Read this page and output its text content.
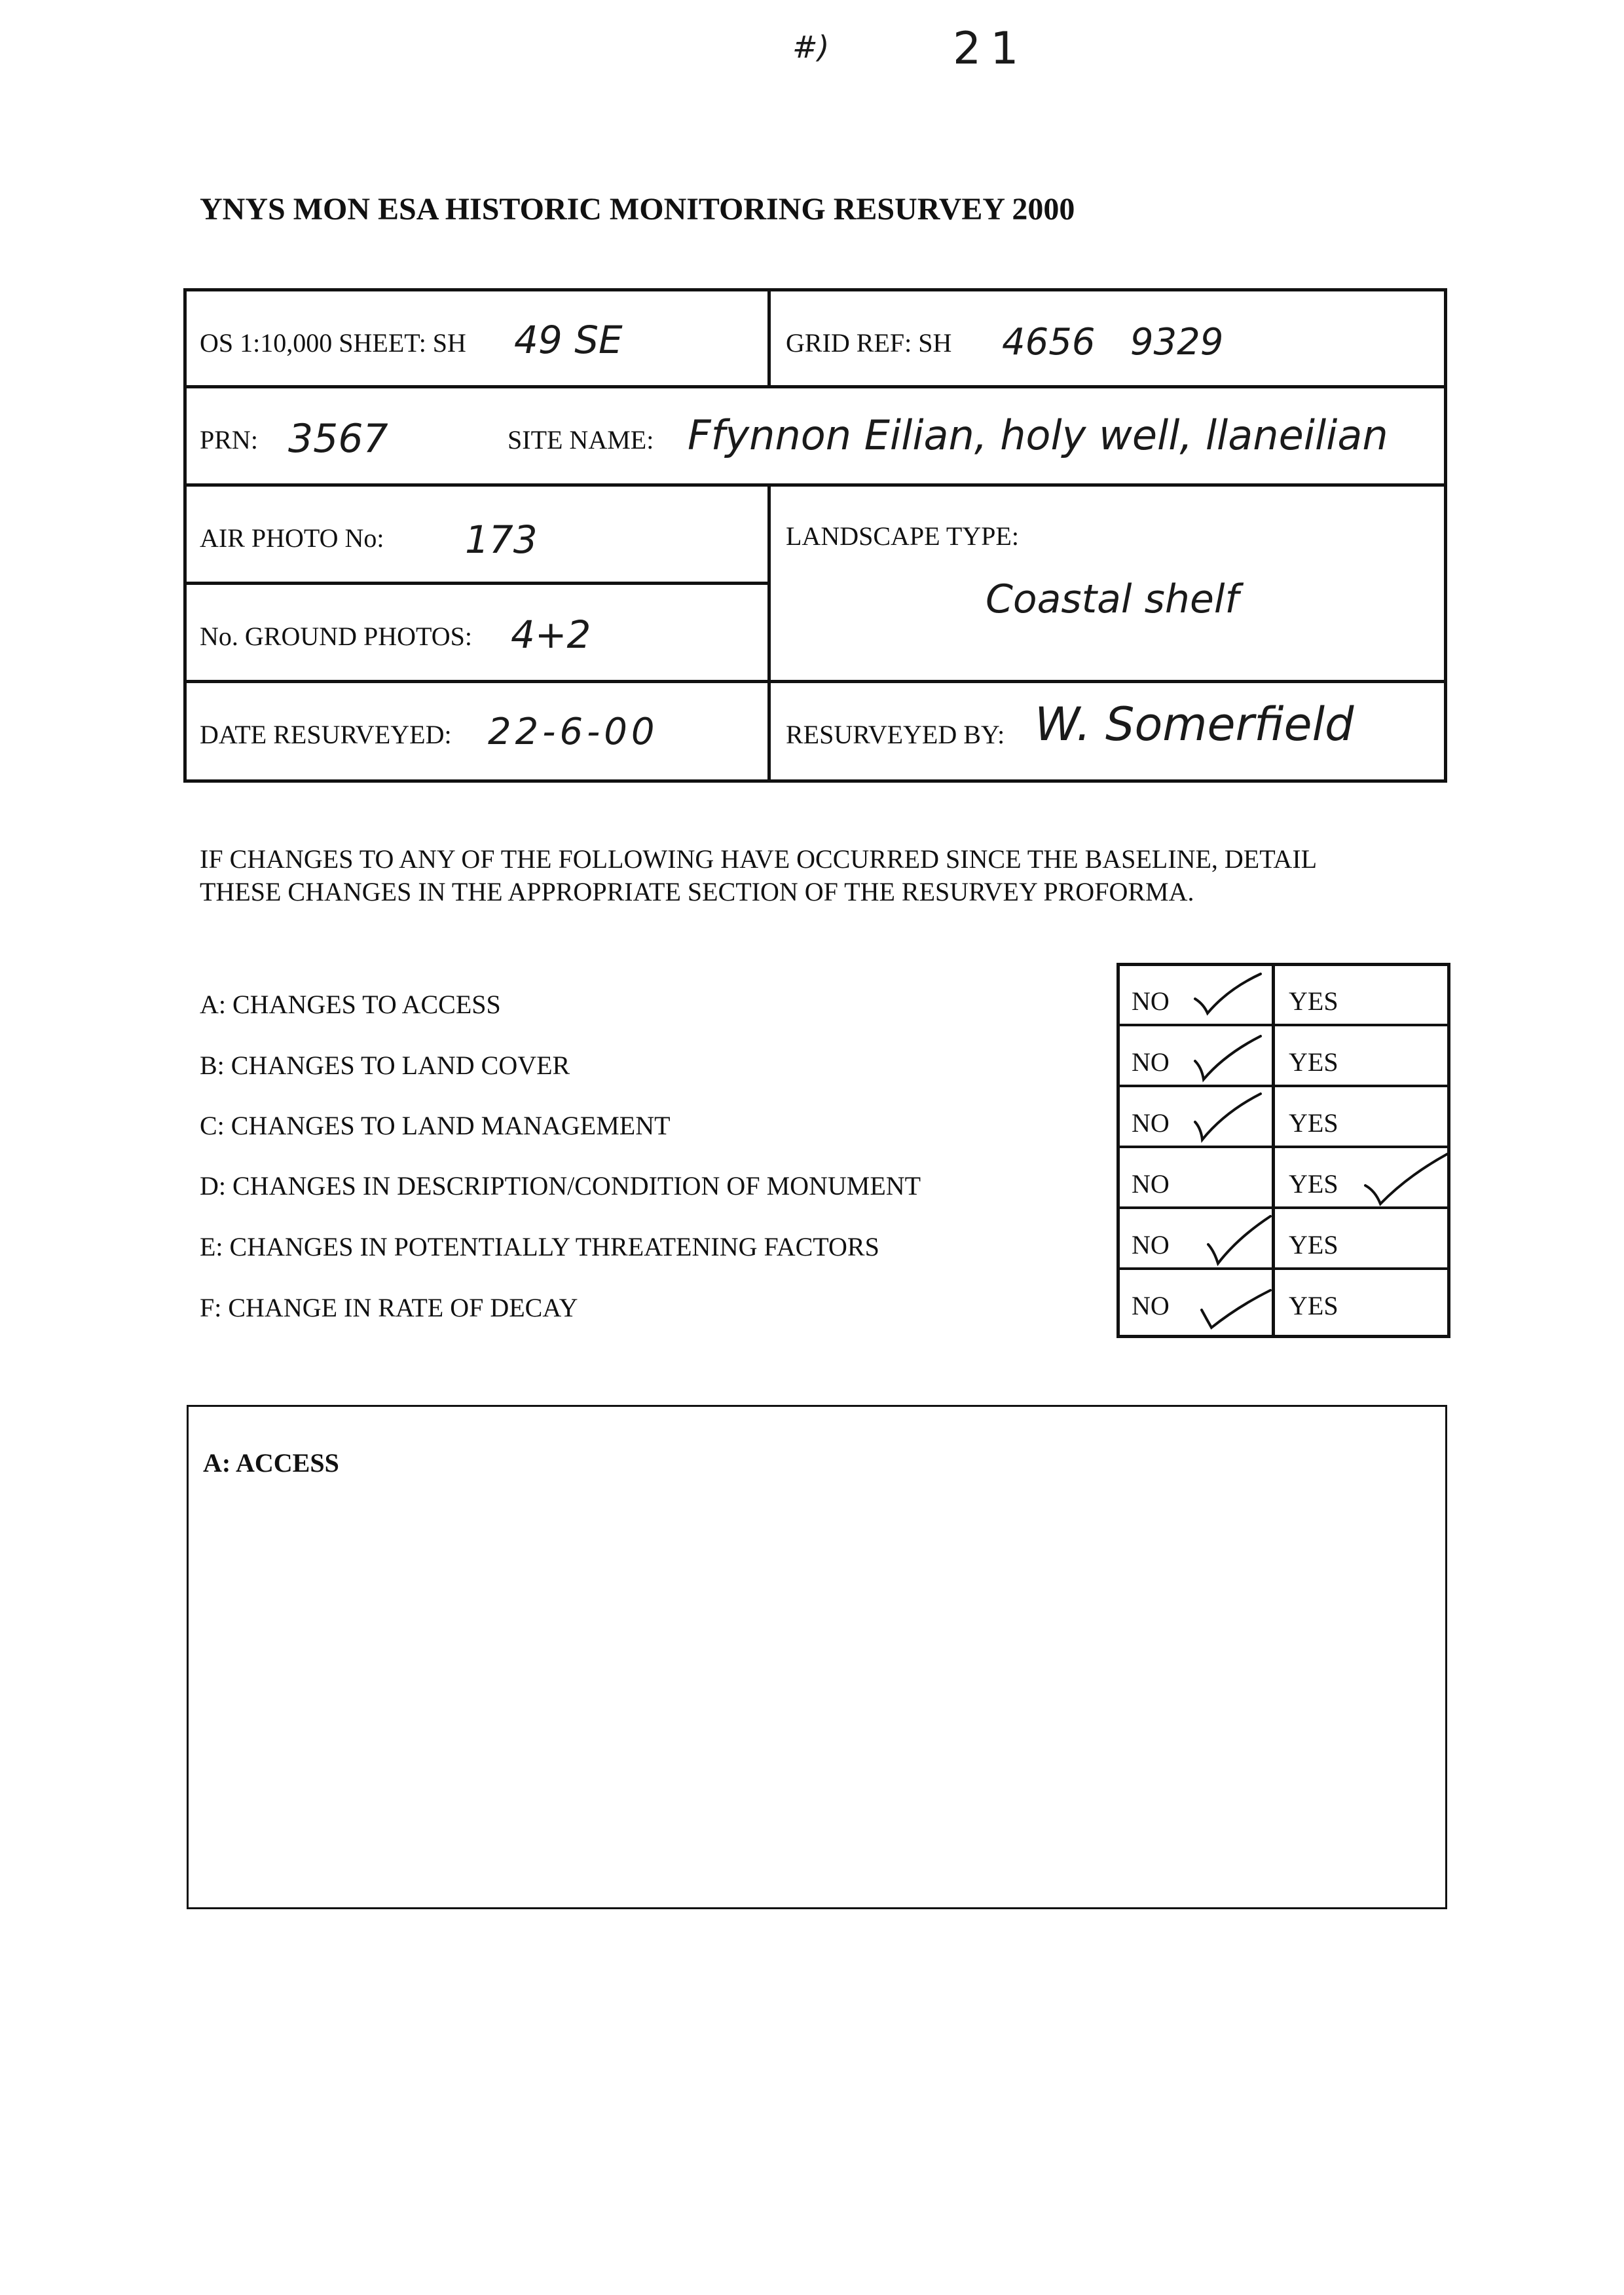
#)	21
YNYS MON ESA HISTORIC MONITORING RESURVEY 2000
OS 1:10,000 SHEET: SH 49 SE	GRID REF: SH 4656   9329
PRN: 3567	SITE NAME: Ffynnon Eilian, holy well, llaneilian
AIR PHOTO No: 173
No. GROUND PHOTOS: 4+2
LANDSCAPE TYPE:
Coastal shelf
DATE RESURVEYED: 22-6-00	RESURVEYED BY: W. Somerfield
IF CHANGES TO ANY OF THE FOLLOWING HAVE OCCURRED SINCE THE BASELINE, DETAIL
THESE CHANGES IN THE APPROPRIATE SECTION OF THE RESURVEY PROFORMA.
A: CHANGES TO ACCESS
B: CHANGES TO LAND COVER
C: CHANGES TO LAND MANAGEMENT
D: CHANGES IN DESCRIPTION/CONDITION OF MONUMENT
E: CHANGES IN POTENTIALLY THREATENING FACTORS
F: CHANGE IN RATE OF DECAY
NO	YES
NO	YES
NO	YES
NO	YES
NO	YES
NO	YES
A: ACCESS
